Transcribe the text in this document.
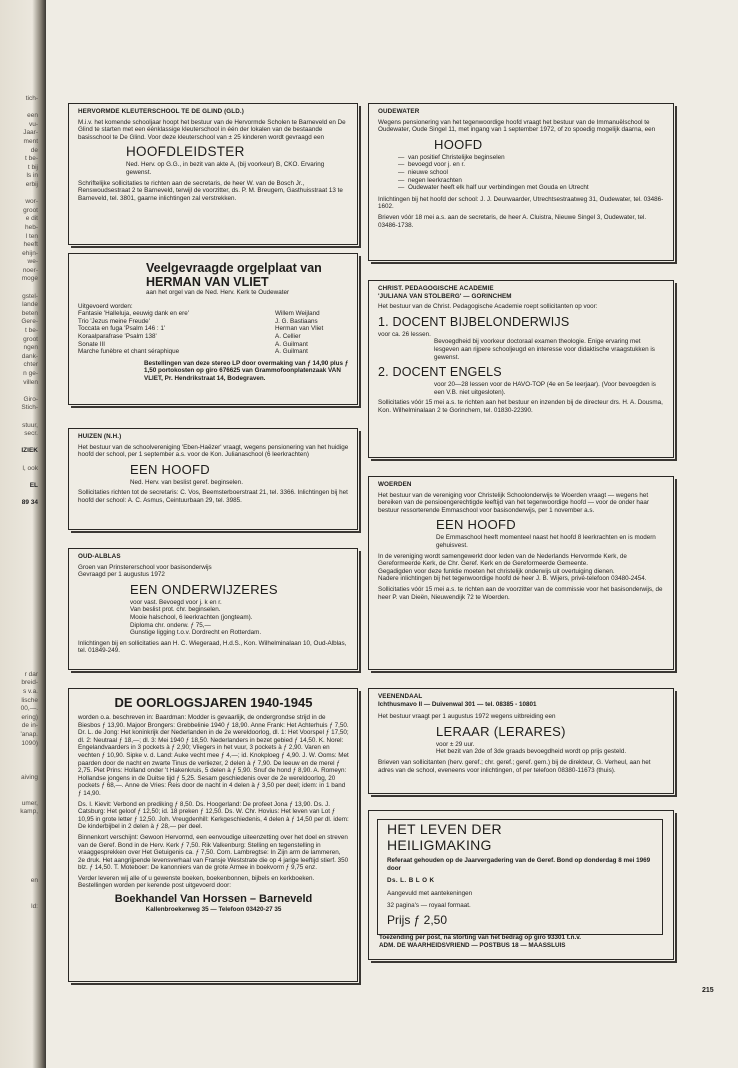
tich-

een
vu-
Jaar-
ment
de
t be-
t bij
ls in
erbij

wor-
groot
e dit
heb-
l ten
heeft
ehijn-
we-
noer-
moge

gstel-
lande
beten
Gere-
t be-
groot
ngen
dank-
chter
n ge-
villen

Giro-
Stich-

stuur,
secr.

IZIEK

l, ook

EL

89 34

r dar
breid-
s v.a.
lische
00,—.
ering)
de in-
'anap.
1090)

aiving

umer,
kamp,

en

ld:
HERVORMDE KLEUTERSCHOOL TE DE GLIND (GLD.)

M.i.v. het komende schooljaar hoopt het bestuur van de Hervormde Scholen te Barneveld en De Glind te starten met een éénklassige kleuterschool in één der lokalen van de bestaande basisschool te De Glind. Voor deze kleuterschool van ± 25 kinderen wordt gevraagd een

HOOFDLEIDSTER

Ned. Herv. op G.G., in bezit van akte A, (bij voorkeur) B, CKO. Ervaring gewenst.

Schriftelijke sollicitaties te richten aan de secretaris, de heer W. van de Bosch Jr., Renswoudsestraat 2 te Barneveld, terwijl de voorzitter, ds. P. M. Breugem, Gasthuisstraat 13 te Barneveld, tel. 3801, gaarne inlichtingen zal verstrekken.

Veelgevraagde orgelplaat van
HERMAN VAN VLIET
aan het orgel van de Ned. Herv. Kerk te Oudewater
Uitgevoerd worden:
Fantasie 'Halleluja, eeuwig dank en ere'	Willem Weijland
Trio 'Jezus meine Freude'	J. G. Bastiaans
Toccata en fuga 'Psalm 146 : 1'	Herman van Vliet
Koraalparafrase 'Psalm 138'	A. Cellier
Sonate III	A. Guilmant
Marche funèbre et chant séraphique	A. Guilmant

Bestellingen van deze stereo LP door overmaking van ƒ 14,90 plus ƒ 1,50 portokosten op giro 676625 van Grammofoonplatenzaak VAN VLIET, Pr. Hendrikstraat 14, Bodegraven.

HUIZEN (N.H.)

Het bestuur van de schoolvereniging 'Eben-Haëzer' vraagt, wegens pensionering van het huidige hoofd der school, per 1 september a.s. voor de Kon. Julianaschool (6 leerkrachten)

EEN HOOFD

Ned. Herv. van beslist geref. beginselen.

Sollicitaties richten tot de secretaris: C. Vos, Beemsterboerstraat 21, tel. 3366. Inlichtingen bij het hoofd der school: A. C. Asmus, Ceintuurbaan 29, tel. 3985.

OUD-ALBLAS
Groen van Prinstererschool voor basisonderwijs
Gevraagd per 1 augustus 1972
EEN ONDERWIJZERES
voor vast. Bevoegd voor j. k en r.
Van beslist prot. chr. beginselen.
Mooie halschool, 6 leerkrachten (jongteam).
Diploma chr. onderw. ƒ 75,—
Gunstige ligging t.o.v. Dordrecht en Rotterdam.

Inlichtingen bij en sollicitaties aan H. C. Wiegeraad, H.d.S., Kon. Wilhelminalaan 10, Oud-Alblas, tel. 01849-249.

DE OORLOGSJAREN 1940-1945

worden o.a. beschreven in: Baardman: Modder is gevaarlijk, de ondergrondse strijd in de Biesbos ƒ 13,90. Majoor Brongers: Grebbelinie 1940 ƒ 18,90. Anne Frank: Het Achterhuis ƒ 7,50. Dr. L. de Jong: Het koninkrijk der Nederlanden in de 2e wereldoorlog, dl. 1: Het Voorspel ƒ 17,50; dl. 2: Neutraal ƒ 18,—; dl. 3: Mei 1940 ƒ 18,50. Nederlanders in bezet gebied ƒ 14,50. K. Norel: Engelandvaarders in 3 pockets à ƒ 2,90; Vliegers in het vuur, 3 pockets à ƒ 2,90. Varen en vechten ƒ 10,90. Sipke v. d. Land: Auke vecht mee ƒ 4,—; id. Knokploeg ƒ 4,90. J. W. Ooms: Met paarden door de nacht en zwarte Tinus de verliezer, 2 delen à ƒ 7,90. De leeuw en de merel ƒ 2,75. Piet Prins: Holland onder 't Hakenkruis, 5 delen à ƒ 5,90. Snuf de hond ƒ 8,90. A. Romeyn: Hollandse jongens in de Duitse tijd ƒ 5,25. Sesam geschiedenis over de 2e wereldoorlog, 20 pockets ƒ 68,—. Anne de Vries: Reis door de nacht in 4 delen à ƒ 3,50 per deel; idem: in 1 band ƒ 14,90.

Ds. I. Kievit: Verbond en prediking ƒ 8,50. Ds. Hoogerland: De profeet Jona ƒ 13,90. Ds. J. Catsburg: Het geloof ƒ 12,50; id. 18 preken ƒ 12,50. Ds. W. Chr. Hovius: Het leven van Lot ƒ 10,95 in grote letter ƒ 12,50. Joh. Vreugdenhill: Kerkgeschiedenis, 4 delen à ƒ 14,50 per dl. idem: De kinderbijbel in 2 delen à ƒ 28,— per deel.

Binnenkort verschijnt: Gewoon Hervormd, een eenvoudige uiteenzetting over het doel en streven van de Geref. Bond in de Herv. Kerk ƒ 7,50. Rik Valkenburg: Stelling en tegenstelling in vraaggesprekken over Het Getuigenis ca. ƒ 7,50. Corn. Lambregtse: In Zijn arm de lammeren, 2e druk. Het aangrijpende levensverhaal van Fransje Weststrate die op 4 jarige leeftijd stierf. 350 blz. ƒ 14,50. T. Moteboer: De kanonniers van de grote Armee in boekvorm ƒ 9,75 enz.

Verder leveren wij alle of u gewenste boeken, boekenbonnen, bijbels en kerkboeken. Bestellingen worden per kerende post uitgevoerd door:

Boekhandel Van Horssen – Barneveld
Kallenbroekerweg 35 — Telefoon 03420-27 35
OUDEWATER

Wegens pensionering van het tegenwoordige hoofd vraagt het bestuur van de Immanuëlschool te Oudewater, Oude Singel 11, met ingang van 1 september 1972, of zo spoedig mogelijk daarna, een

HOOFD
— van positief Christelijke beginselen
— bevoegd voor j. en r.
— nieuwe school
— negen leerkrachten
— Oudewater heeft elk half uur verbindingen met Gouda en Utrecht

Inlichtingen bij het hoofd der school: J. J. Deurwaarder, Utrechtsestraatweg 31, Oudewater, tel. 03486-1602.

Brieven vóór 18 mei a.s. aan de secretaris, de heer A. Cluistra, Nieuwe Singel 3, Oudewater, tel. 03486-1738.

CHRIST. PEDAGOGISCHE ACADEMIE
'JULIANA VAN STOLBERG' — GORINCHEM

Het bestuur van de Christ. Pedagogische Academie roept sollicitanten op voor:

1. DOCENT BIJBELONDERWIJS
voor ca. 26 lessen.

Bevoegdheid bij voorkeur doctoraal examen theologie. Enige ervaring met lesgeven aan rijpere schooljeugd en interesse voor didaktische vraagstukken is gewenst.

2. DOCENT ENGELS

voor 20—28 lessen voor de HAVO-TOP (4e en 5e leerjaar). (Voor bevoegden is een V.B. niet uitgesloten).

Sollicitaties vóór 15 mei a.s. te richten aan het bestuur en inzenden bij de directeur drs. H. A. Dousma, Kon. Wilhelminalaan 2 te Gorinchem, tel. 01830-22390.

WOERDEN

Het bestuur van de vereniging voor Christelijk Schoolonderwijs te Woerden vraagt — wegens het bereiken van de pensioengerechtigde leeftijd van het tegenwoordige hoofd — voor de onder haar bestuur ressorterende Emmaschool voor basisonderwijs, per 1 november a.s.

EEN HOOFD

De Emmaschool heeft momenteel naast het hoofd 8 leerkrachten en is modern gehuisvest.

In de vereniging wordt samengewerkt door leden van de Nederlands Hervormde Kerk, de Gereformeerde Kerk, de Chr. Geref. Kerk en de Gereformeerde Gemeente.

Gegadigden voor deze funktie moeten het christelijk onderwijs uit overtuiging dienen.

Nadere inlichtingen bij het tegenwoordige hoofd de heer J. B. Wijers, privé-telefoon 03480-2454.

Sollicitaties vóór 15 mei a.s. te richten aan de voorzitter van de commissie voor het basisonderwijs, de heer P. van Dieën, Nieuwendijk 72 te Woerden.

VEENENDAAL
Ichthusmavo II — Duivenwal 301 — tel. 08385 - 10801

Het bestuur vraagt per 1 augustus 1972 wegens uitbreiding een

LERAAR (LERARES)
voor ± 29 uur.

Het bezit van 2de of 3de graads bevoegdheid wordt op prijs gesteld.

Brieven van sollicitanten (herv. geref.; chr. geref.; geref. gem.) bij de direkteur, G. Verheul, aan het adres van de school, eveneens voor inlichtingen, of per telefoon 08380-11673 (thuis).

HET LEVEN DER
HEILIGMAKING

Referaat gehouden op de Jaarvergadering van de Geref. Bond op donderdag 8 mei 1969 door

Ds. L. B L O K

Aangevuld met aantekeningen

32 pagina's — royaal formaat.

Prijs ƒ 2,50
Toezending per post, na storting van het bedrag op giro 93301 t.n.v.
ADM. DE WAARHEIDSVRIEND — POSTBUS 18 — MAASSLUIS
215
